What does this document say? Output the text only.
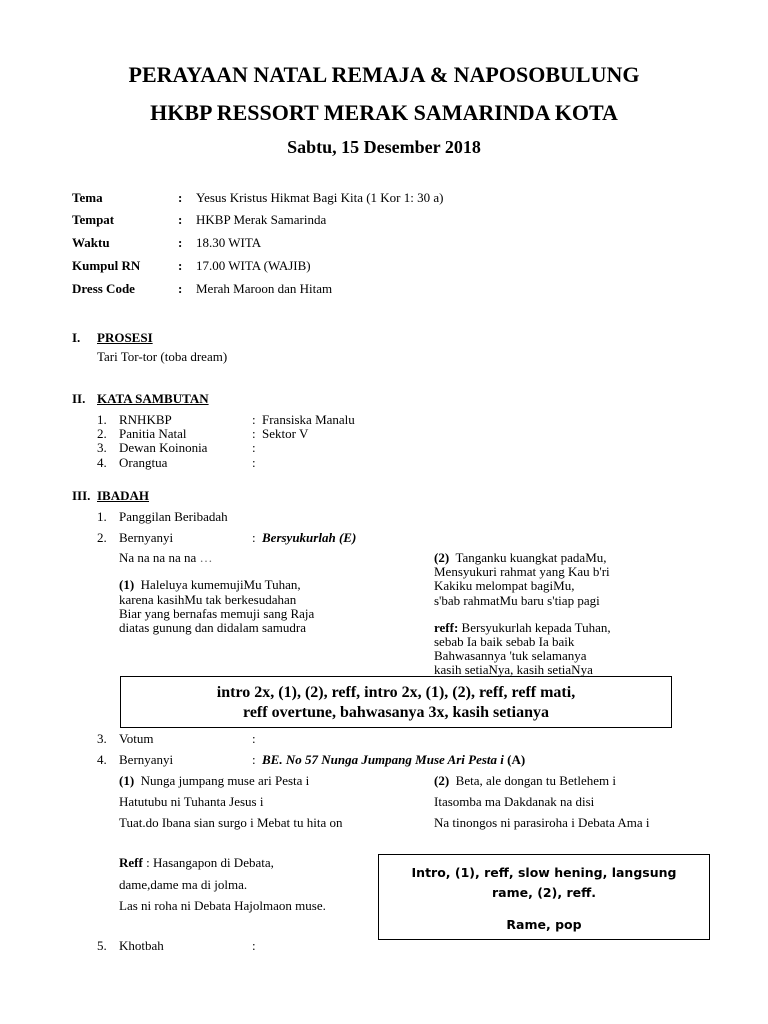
PERAYAAN NATAL REMAJA & NAPOSOBULUNG
HKBP RESSORT MERAK SAMARINDA KOTA
Sabtu, 15 Desember 2018
Tema	: Yesus Kristus Hikmat Bagi Kita (1 Kor 1: 30 a)
Tempat	: HKBP Merak Samarinda
Waktu	: 18.30 WITA
Kumpul RN	: 17.00 WITA (WAJIB)
Dress Code	: Merah Maroon dan Hitam
I. PROSESI
Tari Tor-tor (toba dream)
II. KATA SAMBUTAN
1. RNHKBP	: Fransiska Manalu
2. Panitia Natal	: Sektor V
3. Dewan Koinonia	:
4. Orangtua	:
III. IBADAH
1. Panggilan Beribadah
2. Bernyanyi	: Bersyukurlah (E)
Na na na na na …
(1) Haleluya kumemujiMu Tuhan,
karena kasihMu tak berkesudahan
Biar yang bernafas memuji sang Raja
diatas gunung dan didalam samudra
(2) Tanganku kuangkat padaMu,
Mensyukuri rahmat yang Kau b'ri
Kakiku melompat bagiMu,
s'bab rahmatMu baru s'tiap pagi
reff: Bersyukurlah kepada Tuhan,
sebab Ia baik sebab Ia baik
Bahwasannya 'tuk selamanya
kasih setiaNya, kasih setiaNya
intro 2x, (1), (2), reff, intro 2x, (1), (2), reff, reff mati,
reff overtune, bahwasanya 3x, kasih setianya
3. Votum	:
4. Bernyanyi	: BE. No 57 Nunga Jumpang Muse Ari Pesta i (A)
(1) Nunga jumpang muse ari Pesta i
Hatutubu ni Tuhanta Jesus i
Tuat.do Ibana sian surgo i Mebat tu hita on
(2) Beta, ale dongan tu Betlehem i
Itasomba ma Dakdanak na disi
Na tinongos ni parasiroha i Debata Ama i
Reff : Hasangapon di Debata,
dame,dame ma di jolma.
Las ni roha ni Debata Hajolmaon muse.
Intro, (1), reff, slow hening, langsung
rame, (2), reff.
Rame, pop
5. Khotbah	:
